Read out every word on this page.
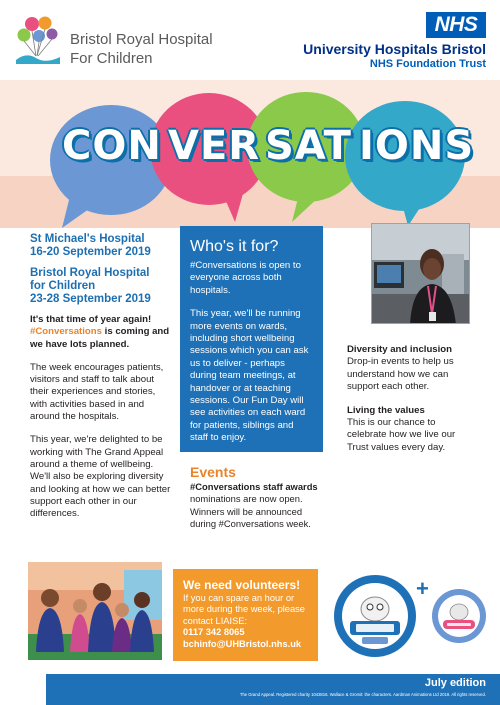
Bristol Royal Hospital
For Children
NHS
University Hospitals Bristol
NHS Foundation Trust
CON VER SAT IONS
St Michael's Hospital
16-20 September 2019
Bristol Royal Hospital
for Children
23-28 September 2019
It's that time of year again! #Conversations is coming and we have lots planned.
The week encourages patients, visitors and staff to talk about their experiences and stories, with activities based in and around the hospitals.
This year, we're delighted to be working with The Grand Appeal around a theme of wellbeing. We'll also be exploring diversity and looking at how we can better support each other in our differences.
Who's it for?
#Conversations is open to everyone across both hospitals.
This year, we'll be running more events on wards, including short wellbeing sessions which you can ask us to deliver - perhaps during team meetings, at handover or at teaching sessions. Our Fun Day will see activities on each ward for patients, siblings and staff to enjoy.
Events
#Conversations staff awards nominations are now open. Winners will be announced during #Conversations week.
Diversity and inclusion
Drop-in events to help us understand how we can support each other.
Living the values
This is our chance to celebrate how we live our Trust values every day.
We need volunteers!
If you can spare an hour or more during the week, please contact LIAISE:
0117 342 8065
bchinfo@UHBristol.nhs.uk
+
July edition
The Grand Appeal. Registered charity 1043816. Wallace & Gromit: the characters. Aardman Animations Ltd 2019. All rights reserved.
